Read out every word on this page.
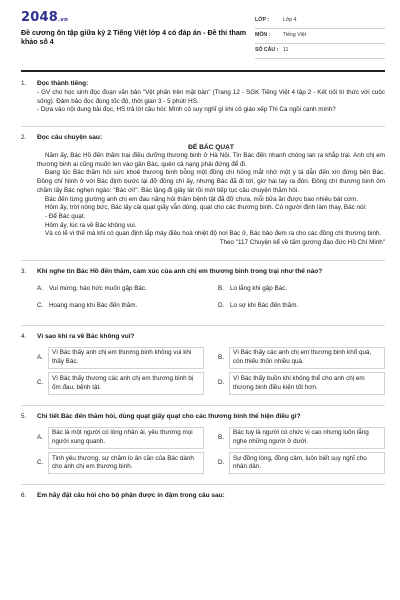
2048.vn
Đề cương ôn tập giữa kỳ 2 Tiếng Việt lớp 4 có đáp án - Đề thi tham khảo số 4
LỚP :	Lớp 4
MÔN :	Tiếng Việt
SỐ CÂU : 11
1. Đọc thành tiếng:
- GV cho học sinh đọc đoạn văn bản "Vệt phấn trên mặt bàn" (Trang 12 - SGK Tiếng Việt 4 tập 2 - Kết nối tri thức với cuộc sống). Đảm bảo đọc đúng tốc độ, thời gian 3 - 5 phút/ HS.
- Dựa vào nội dung bài đọc, HS trả lời câu hỏi: Mình có suy nghĩ gì khi cô giáo xếp Thi Ca ngồi cạnh mình?
2. Đọc câu chuyện sau:
ĐẾ BÁC QUẠT
Năm ấy, Bác Hồ đến thăm trại điều dưỡng thương binh ở Hà Nội. Tin Bác đến nhanh chóng lan ra khắp trại. Anh chị em thương binh ai cũng muốn len vào gần Bác, quên cả nạng phải đứng để đi.
Đang lúc Bác thăm hỏi sức khoẻ thương binh bỗng một đồng chí hỏng mắt nhờ một y tá dẫn đến xin đứng bên Bác. Đồng chí Ninh ở với Bác định bước lại đỡ đồng chí ấy, nhưng Bác đã đi tới, giơ hai tay ra đón. Đồng chí thương binh ôm chầm lấy Bác nghẹn ngào: "Bác ơi!". Bác lặng đi giây lát rồi mới tiếp tục câu chuyện thăm hỏi.
Bác đến từng giường anh chị em đau nặng hỏi thăm bệnh tật đã đỡ chưa, mỗi bữa ăn được bao nhiêu bát cơm.
Hôm ấy, trời nóng bức, Bác lấy cái quạt giấy vẫn dùng, quạt cho các thương binh. Có người định làm thay, Bác nói:
- Để Bác quạt.
Hôm ấy, lúc ra về Bác không vui.
Và có lẽ vì thế mà khi có quan định lắp máy điều hoà nhiệt độ nơi Bác ở, Bác bảo đem ra cho các đồng chí thương binh.
Theo "117 Chuyện kể về tấm gương đạo đức Hồ Chí Minh"
3. Khi nghe tin Bác Hồ đến thăm, cảm xúc của anh chị em thương binh trong trại như thế nào?
A. Vui mừng, háo hức muốn gặp Bác.	B. Lo lắng khi gặp Bác.
C. Hoang mang khi Bác đến thăm.	D. Lo sợ khi Bác đến thăm.
4. Vì sao khi ra về Bác không vui?
A.
Vì Bác thấy anh chị em thương binh không vui khi thấy Bác.
B.
Vì Bác thấy các anh chị em thương binh khổ quá, còn thiếu thốn nhiều quá.
C.
Vì Bác thấy thương các anh chị em thương binh bị ốm đau, bệnh tật.
D.
Vì Bác thấy buồn khi không thể cho anh chị em thương binh điều kiện tốt hơn.
5. Chi tiết Bác đến thăm hỏi, dùng quạt giấy quạt cho các thương binh thể hiện điều gì?
A.
Bác là một người có lòng nhân ái, yêu thương mọi người xung quanh.
B.
Bác tuy là người có chức vị cao nhưng luôn lắng nghe những người ở dưới.
C.
Tinh yêu thương, sự chăm lo ân cần của Bác dành cho anh chị em thương binh.
D.
Sự đồng lòng, đồng cảm, luôn biết suy nghĩ cho nhân dân.
6. Em hãy đặt câu hỏi cho bộ phận được in đậm trong câu sau:
